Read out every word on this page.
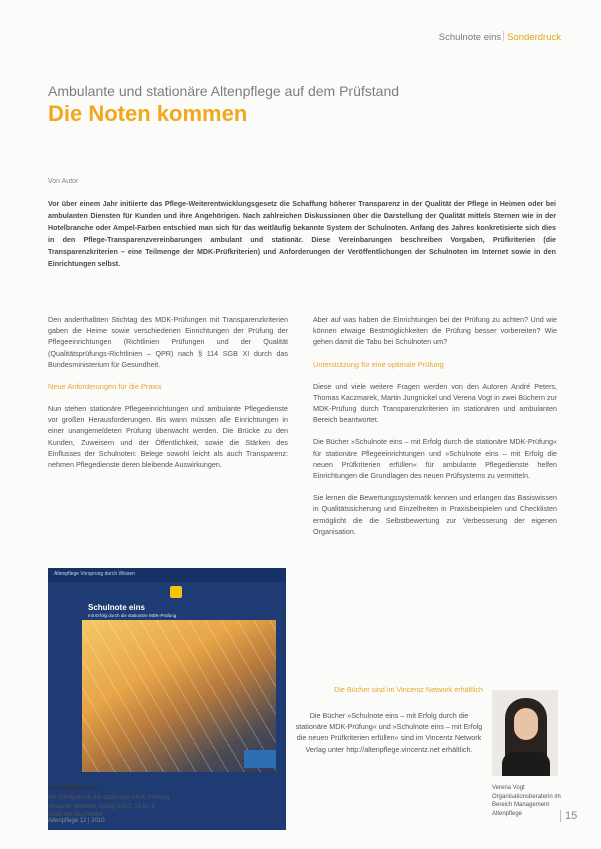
Schulnote eins Sonderdruck
Ambulante und stationäre Altenpflege auf dem Prüfstand
Die Noten kommen
Von Autor
Vor über einem Jahr initiierte das Pflege-Weiterentwicklungsgesetz die Schaffung höherer Transparenz in der Qualität der Pflege in Heimen oder bei ambulanten Diensten für Kunden und ihre Angehörigen. Nach zahlreichen Diskussionen über die Darstellung der Qualität mittels Sternen wie in der Hotelbranche oder Ampel-Farben entschied man sich für das weitläufig bekannte System der Schulnoten. Anfang des Jahres konkretisierte sich dies in den Pflege-Transparenzvereinbarungen ambulant und stationär. Diese Vereinbarungen beschreiben Vorgaben, Prüfkriterien (die Transparenzkriterien – eine Teilmenge der MDK-Prüfkriterien) und Anforderungen der Veröffentlichungen der Schulnoten im Internet sowie in den Einrichtungen selbst.

Den anderthalbten Stichtag des MDK-Prüfungen mit Transparenzkriterien gaben die Heime sowie verschiedenen Einrichtungen der Prüfung der Pflegeeinrichtungen (Richtlinien Prüfungen und der Qualität (Qualitätsprüfungs-Richtlinien – QPR) nach § 114 SGB XI durch das Bundesministerium für Gesundheit.

Neue Anforderungen für die Praxis

Nun stehen stationäre Pflegeeinrichtungen und ambulante Pflegedienste vor großen Herausforderungen. Bis wann müssen alle Einrichtungen in einer unangemeldeten Prüfung überwacht werden. Die Brücke zu den Kunden, Zuweisern und der Öffentlichkeit, sowie die Stärken des Einflusses der Schulnoten: Belege sowohl leicht als auch Transparenz: nehmen Pflegedienste deren bleibende Auswirkungen.

Aber auf was haben die Einrichtungen bei der Prüfung zu achten? Und wie können etwaige Bestmöglichkeiten die Prüfung besser vorbereiten? Wie gehen damit die Tabu bei Schulnoten um?

Unterstützung für eine optimale Prüfung

Diese und viele weitere Fragen werden von den Autoren André Peters, Thomas Kaczmarek, Martin Jungnickel und Verena Vogt in zwei Büchern zur MDK-Prüfung durch Transparenzkriterien im stationären und ambulanten Bereich beantwortet.

Die Bücher »Schulnote eins – mit Erfolg durch die stationäre MDK-Prüfung« für stationäre Pflegeeinrichtungen und »Schulnote eins – mit Erfolg die neuen Prüfkriterien erfüllen« für ambulante Pflegedienste helfen Einrichtungen die Grundlagen des neuen Prüfsystems zu vermitteln.

Sie lernen die Bewertungssystematik kennen und erlangen das Basiswissen in Qualitätssicherung und Einzelheiten in Praxisbeispielen und Checklisten ermöglicht die die Selbstbewertung zur Verbesserung der eigenen Organisation.

Altenpflege Vorsprung durch Wissen
Schulnote eins
mit Erfolg durch die stationäre MDK-Prüfung
Schulnote eins.
Mit Erfolg durch die stationäre MDK-Prüfung
Vincentz Network Verlag 2010, 19,80 €
ISBN der Buchreihe
Die Bücher sind im Vincentz Network erhältlich
Die Bücher »Schulnote eins – mit Erfolg durch die stationäre MDK-Prüfung« und »Schulnote eins – mit Erfolg die neuen Prüfkriterien erfüllen« sind im Vincentz Network Verlag unter http://altenpflege.vincentz.net erhältlich.
Verena Vogt
Organisationsberaterin im Bereich Management Altenpflege
Altenpflege 12 | 2010	15
